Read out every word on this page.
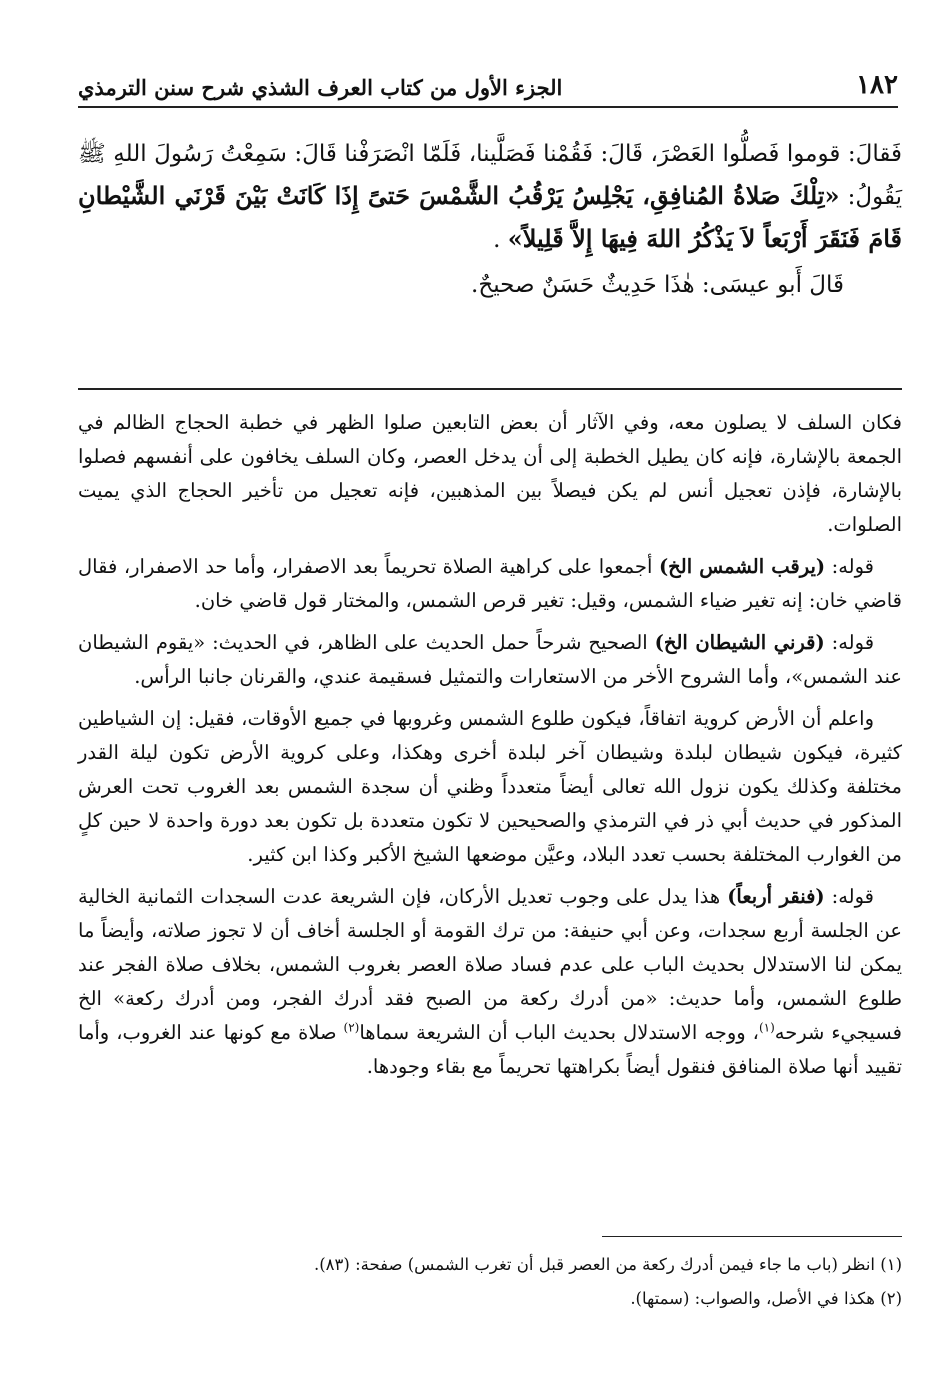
١٨٢
الجزء الأول من كتاب العرف الشذي شرح سنن الترمذي

فَقالَ: قوموا فَصلُّوا العَصْرَ، قَالَ: فَقُمْنا فَصَلَّينا، فَلَمّا انْصَرَفْنا قَالَ: سَمِعْتُ رَسُولَ اللهِ ﷺ يَقُولُ: «تِلْكَ صَلاةُ المُنافِقِ، يَجْلِسُ يَرْقُبُ الشَّمْسَ حَتىً إِذَا كَانَتْ بَيْنَ قَرْنَي الشَّيْطانِ قَامَ فَنَقَرَ أَرْبَعاً لاَ يَذْكُرُ اللهَ فِيهَا إِلاَّ قَلِيلاً» .

قَالَ أَبو عيسَى: هٰذَا حَدِيثٌ حَسَنٌ صحيحٌ.

فكان السلف لا يصلون معه، وفي الآثار أن بعض التابعين صلوا الظهر في خطبة الحجاج الظالم في الجمعة بالإشارة، فإنه كان يطيل الخطبة إلى أن يدخل العصر، وكان السلف يخافون على أنفسهم فصلوا بالإشارة، فإذن تعجيل أنس لم يكن فيصلاً بين المذهبين، فإنه تعجيل من تأخير الحجاج الذي يميت الصلوات.

قوله: (يرقب الشمس الخ) أجمعوا على كراهية الصلاة تحريماً بعد الاصفرار، وأما حد الاصفرار، فقال قاضي خان: إنه تغير ضياء الشمس، وقيل: تغير قرص الشمس، والمختار قول قاضي خان.

قوله: (قرني الشيطان الخ) الصحيح شرحاً حمل الحديث على الظاهر، في الحديث: «يقوم الشيطان عند الشمس»، وأما الشروح الأخر من الاستعارات والتمثيل فسقيمة عندي، والقرنان جانبا الرأس.

واعلم أن الأرض كروية اتفاقاً، فيكون طلوع الشمس وغروبها في جميع الأوقات، فقيل: إن الشياطين كثيرة، فيكون شيطان لبلدة وشيطان آخر لبلدة أخرى وهكذا، وعلى كروية الأرض تكون ليلة القدر مختلفة وكذلك يكون نزول الله تعالى أيضاً متعدداً وظني أن سجدة الشمس بعد الغروب تحت العرش المذكور في حديث أبي ذر في الترمذي والصحيحين لا تكون متعددة بل تكون بعد دورة واحدة لا حين كلٍ من الغوارب المختلفة بحسب تعدد البلاد، وعيَّن موضعها الشيخ الأكبر وكذا ابن كثير.

قوله: (فنقر أربعاً) هذا يدل على وجوب تعديل الأركان، فإن الشريعة عدت السجدات الثمانية الخالية عن الجلسة أربع سجدات، وعن أبي حنيفة: من ترك القومة أو الجلسة أخاف أن لا تجوز صلاته، وأيضاً ما يمكن لنا الاستدلال بحديث الباب على عدم فساد صلاة العصر بغروب الشمس، بخلاف صلاة الفجر عند طلوع الشمس، وأما حديث: «من أدرك ركعة من الصبح فقد أدرك الفجر، ومن أدرك ركعة» الخ فسيجيء شرحه$^{(١)}$، ووجه الاستدلال بحديث الباب أن الشريعة سماها$^{(٢)}$ صلاة مع كونها عند الغروب، وأما تقييد أنها صلاة المنافق فنقول أيضاً بكراهتها تحريماً مع بقاء وجودها.

(١) انظر (باب ما جاء فيمن أدرك ركعة من العصر قبل أن تغرب الشمس) صفحة: (٨٣).
(٢) هكذا في الأصل، والصواب: (سمتها).
